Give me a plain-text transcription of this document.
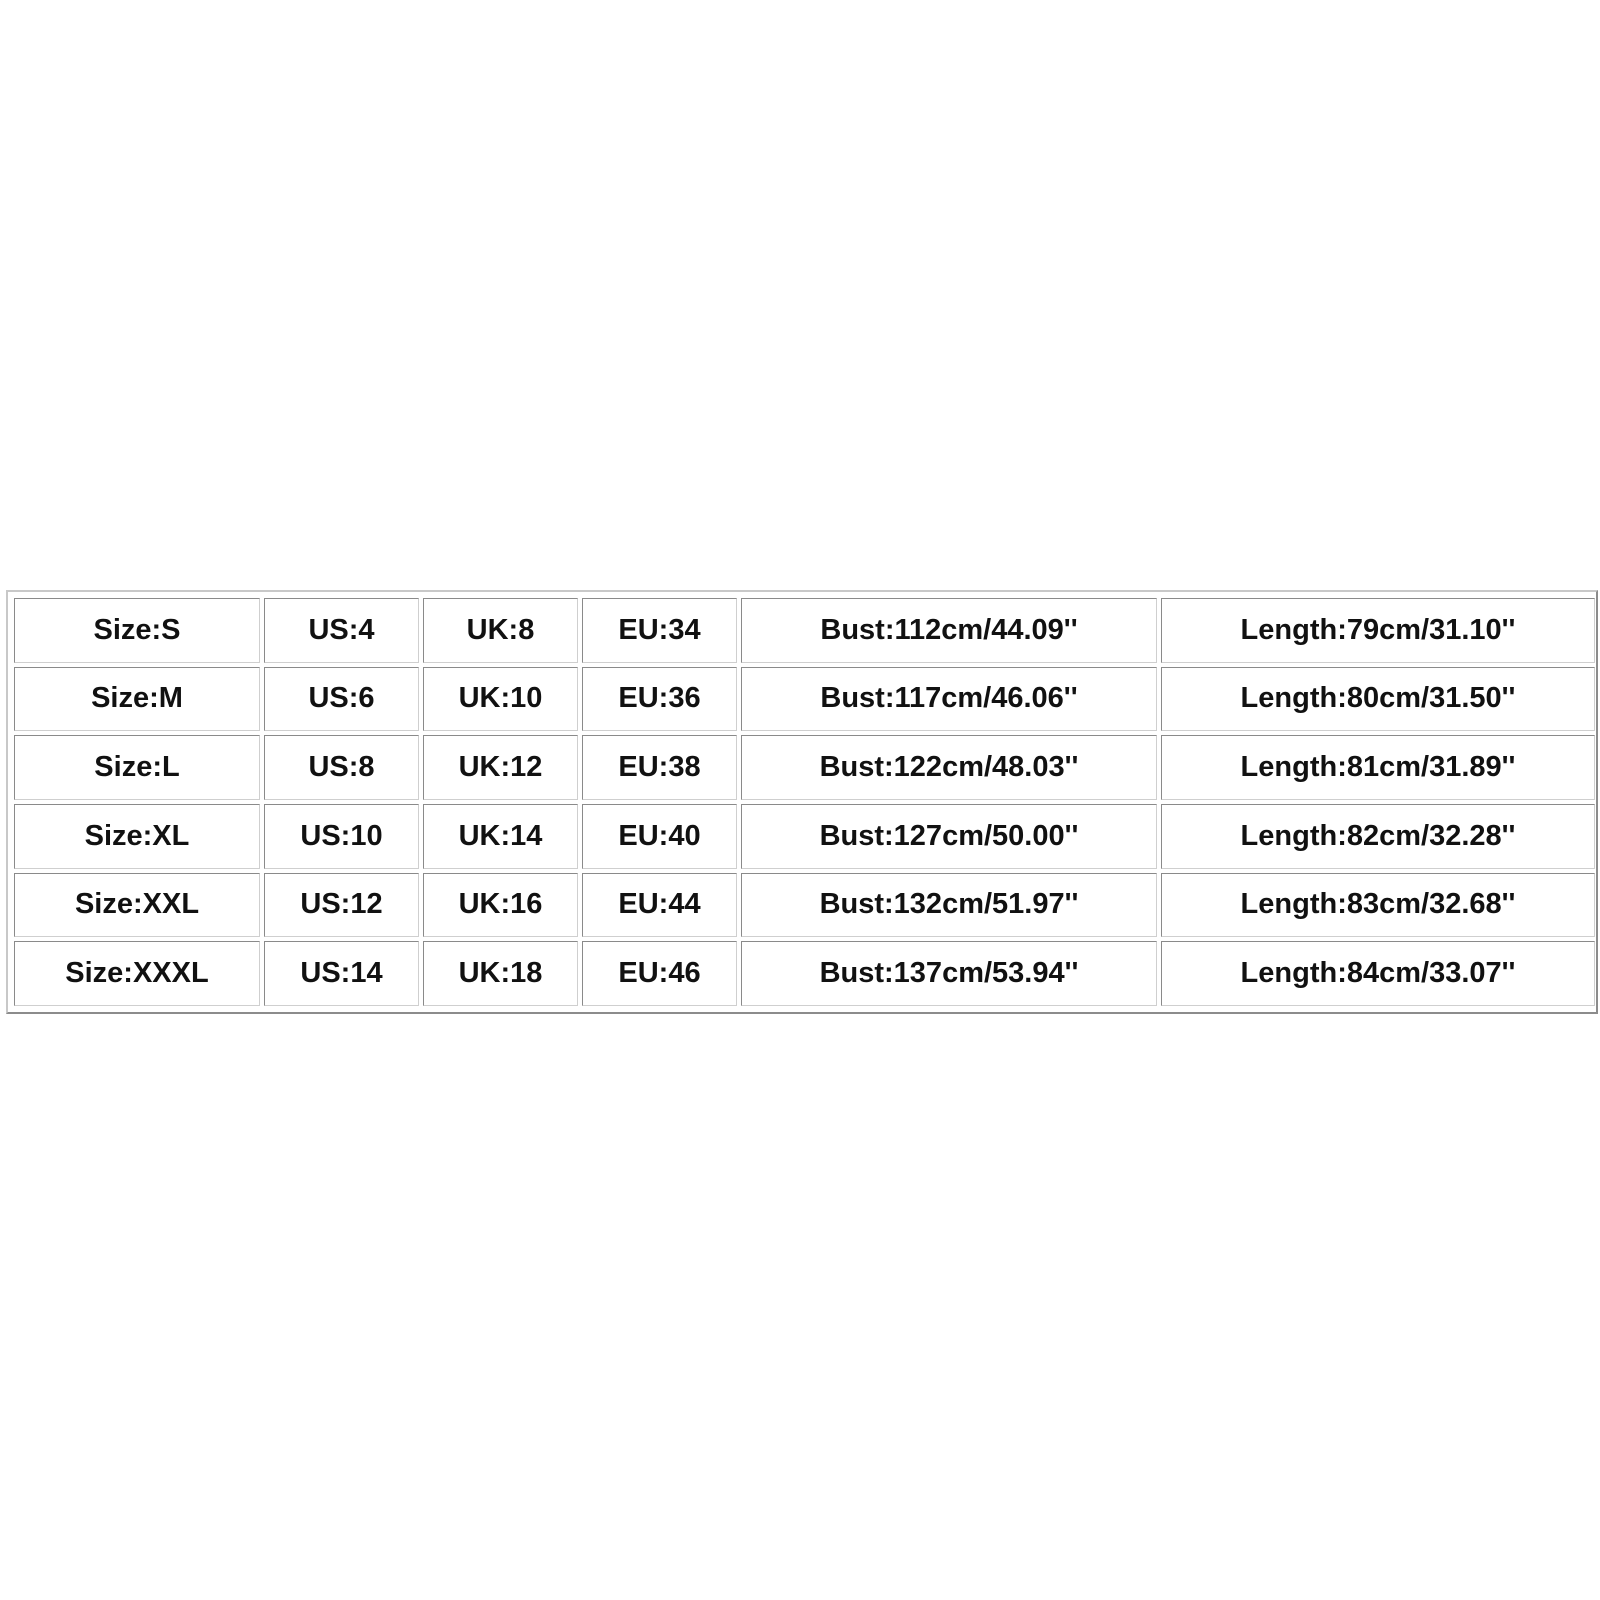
Size:S	US:4	UK:8	EU:34	Bust:112cm/44.09''	Length:79cm/31.10''
Size:M	US:6	UK:10	EU:36	Bust:117cm/46.06''	Length:80cm/31.50''
Size:L	US:8	UK:12	EU:38	Bust:122cm/48.03''	Length:81cm/31.89''
Size:XL	US:10	UK:14	EU:40	Bust:127cm/50.00''	Length:82cm/32.28''
Size:XXL	US:12	UK:16	EU:44	Bust:132cm/51.97''	Length:83cm/32.68''
Size:XXXL	US:14	UK:18	EU:46	Bust:137cm/53.94''	Length:84cm/33.07''
